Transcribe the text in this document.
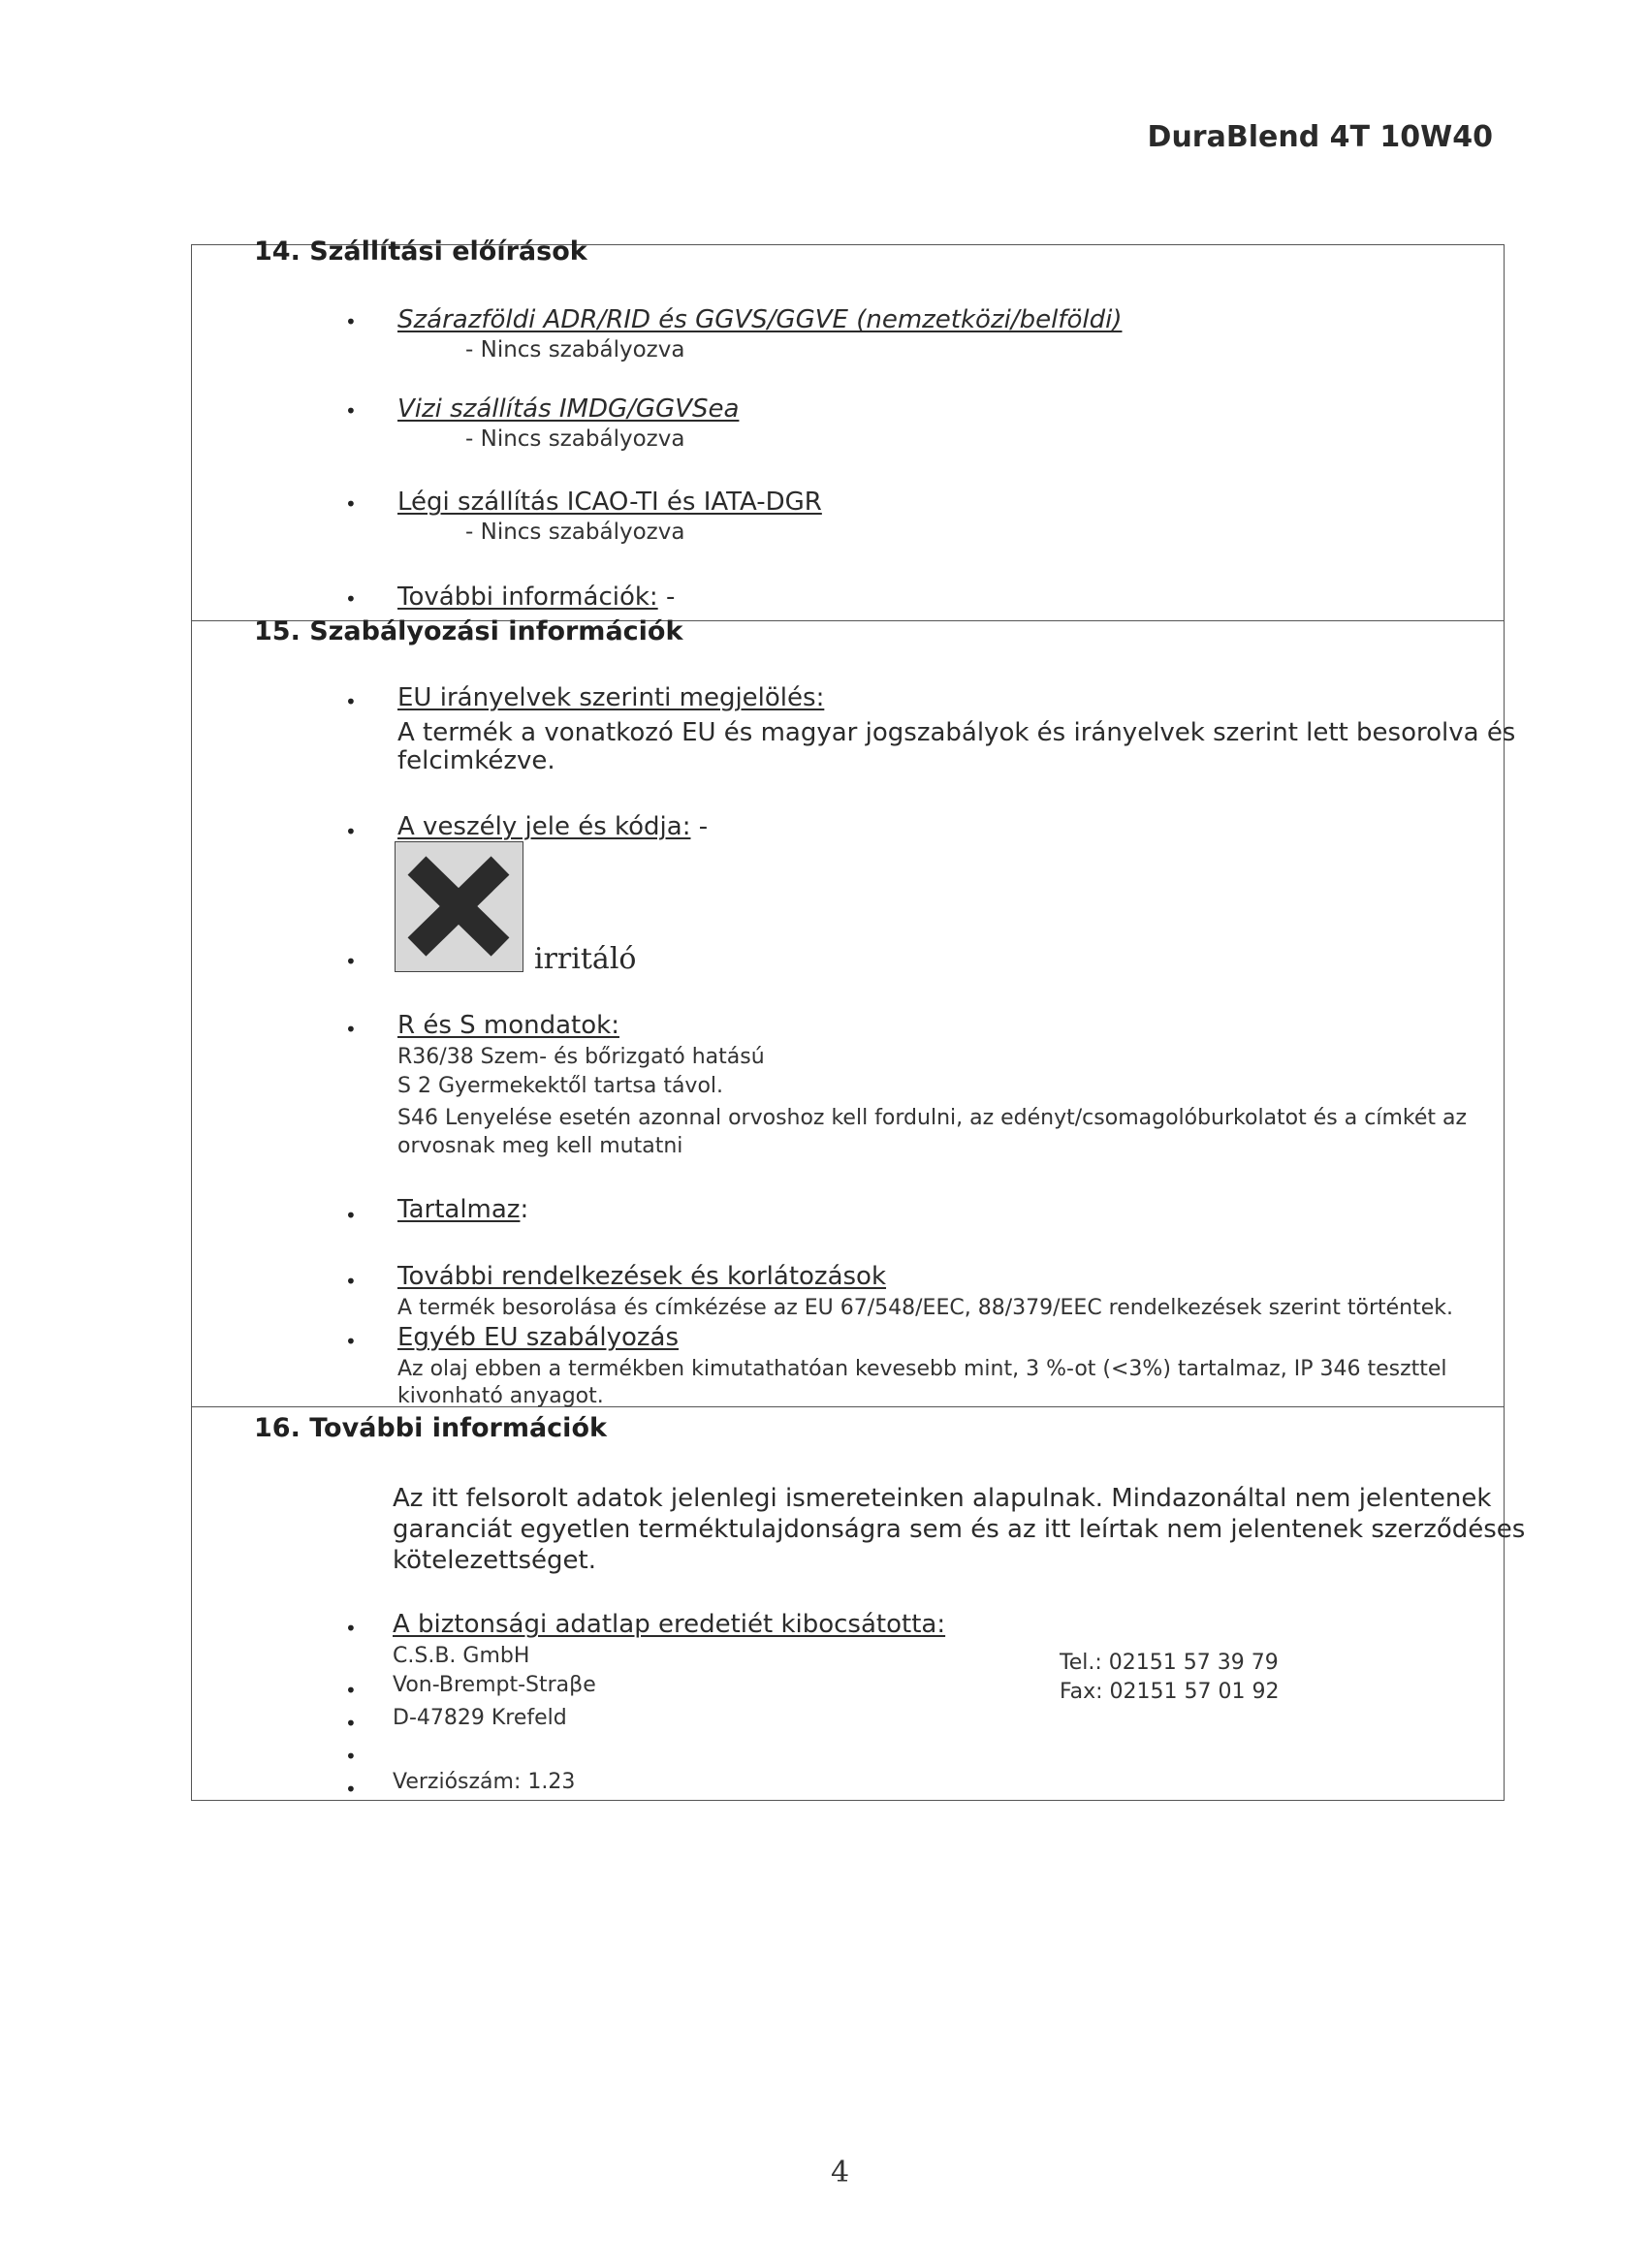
DuraBlend 4T 10W40
14. Szállítási előírások
•
Szárazföldi ADR/RID és GGVS/GGVE (nemzetközi/belföldi)
- Nincs szabályozva
•
Vizi szállítás IMDG/GGVSea
- Nincs szabályozva
•
Légi szállítás ICAO-TI és IATA-DGR
- Nincs szabályozva
•
További információk: -
15. Szabályozási információk
•
EU irányelvek szerinti megjelölés:
A termék a vonatkozó EU és magyar jogszabályok és irányelvek szerint lett besorolva és
felcimkézve.
•
A veszély jele és kódja: -
•
irritáló
•
R és S mondatok:
R36/38 Szem- és bőrizgató hatású
S 2 Gyermekektől tartsa távol.
S46 Lenyelése esetén azonnal orvoshoz kell fordulni, az edényt/csomagolóburkolatot és a címkét az
orvosnak meg kell mutatni
•
Tartalmaz:
•
További rendelkezések és korlátozások
A termék besorolása és címkézése az EU 67/548/EEC, 88/379/EEC rendelkezések szerint történtek.
•
Egyéb EU szabályozás
Az olaj ebben a termékben kimutathatóan kevesebb mint, 3 %-ot (<3%) tartalmaz, IP 346 teszttel
kivonható anyagot.
16. További információk
Az itt felsorolt adatok jelenlegi ismereteinken alapulnak. Mindazonáltal nem jelentenek
garanciát egyetlen terméktulajdonságra sem és az itt leírtak nem jelentenek szerződéses
kötelezettséget.
•
A biztonsági adatlap eredetiét kibocsátotta:
C.S.B. GmbH
•
Von-Brempt-Straβe
•
D-47829 Krefeld
•
•
Verziószám: 1.23
Tel.: 02151 57 39 79
Fax: 02151 57 01 92
4
